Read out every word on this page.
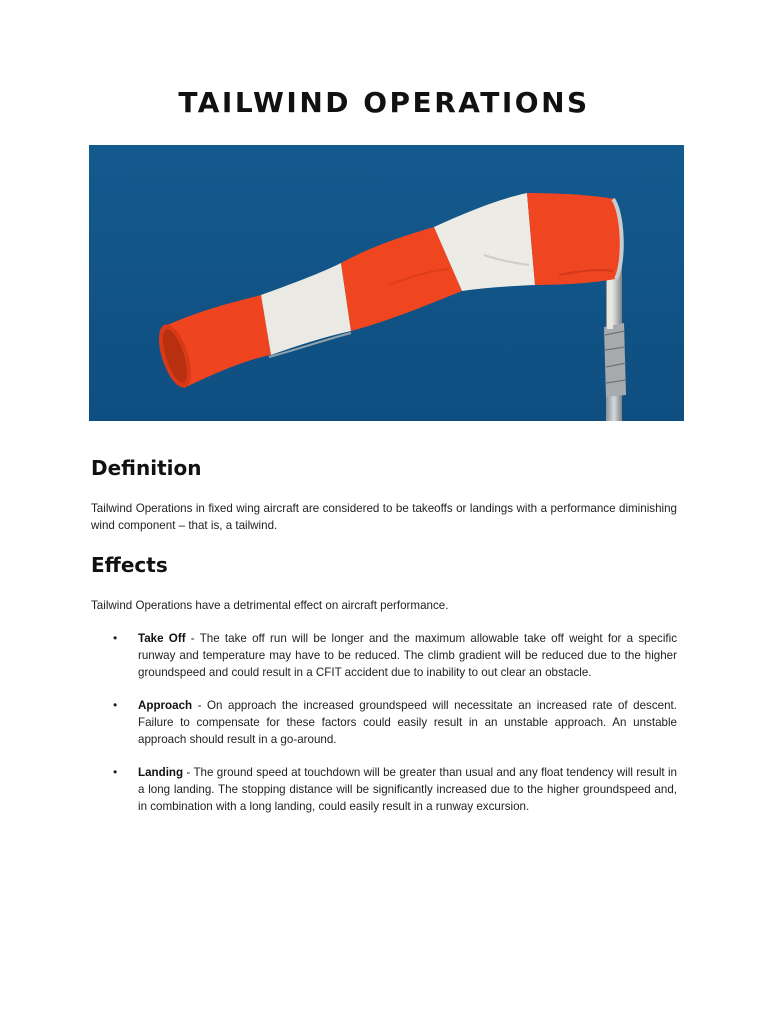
TAILWIND OPERATIONS
Definition
Tailwind Operations in fixed wing aircraft are considered to be takeoffs or landings with a performance diminishing wind component – that is, a tailwind.
Effects
Tailwind Operations have a detrimental effect on aircraft performance.
• Take Off - The take off run will be longer and the maximum allowable take off weight for a specific runway and temperature may have to be reduced. The climb gradient will be reduced due to the higher groundspeed and could result in a CFIT accident due to inability to out clear an obstacle.
• Approach - On approach the increased groundspeed will necessitate an increased rate of descent. Failure to compensate for these factors could easily result in an unstable approach. An unstable approach should result in a go-around.
• Landing - The ground speed at touchdown will be greater than usual and any float tendency will result in a long landing. The stopping distance will be significantly increased due to the higher groundspeed and, in combination with a long landing, could easily result in a runway excursion.
